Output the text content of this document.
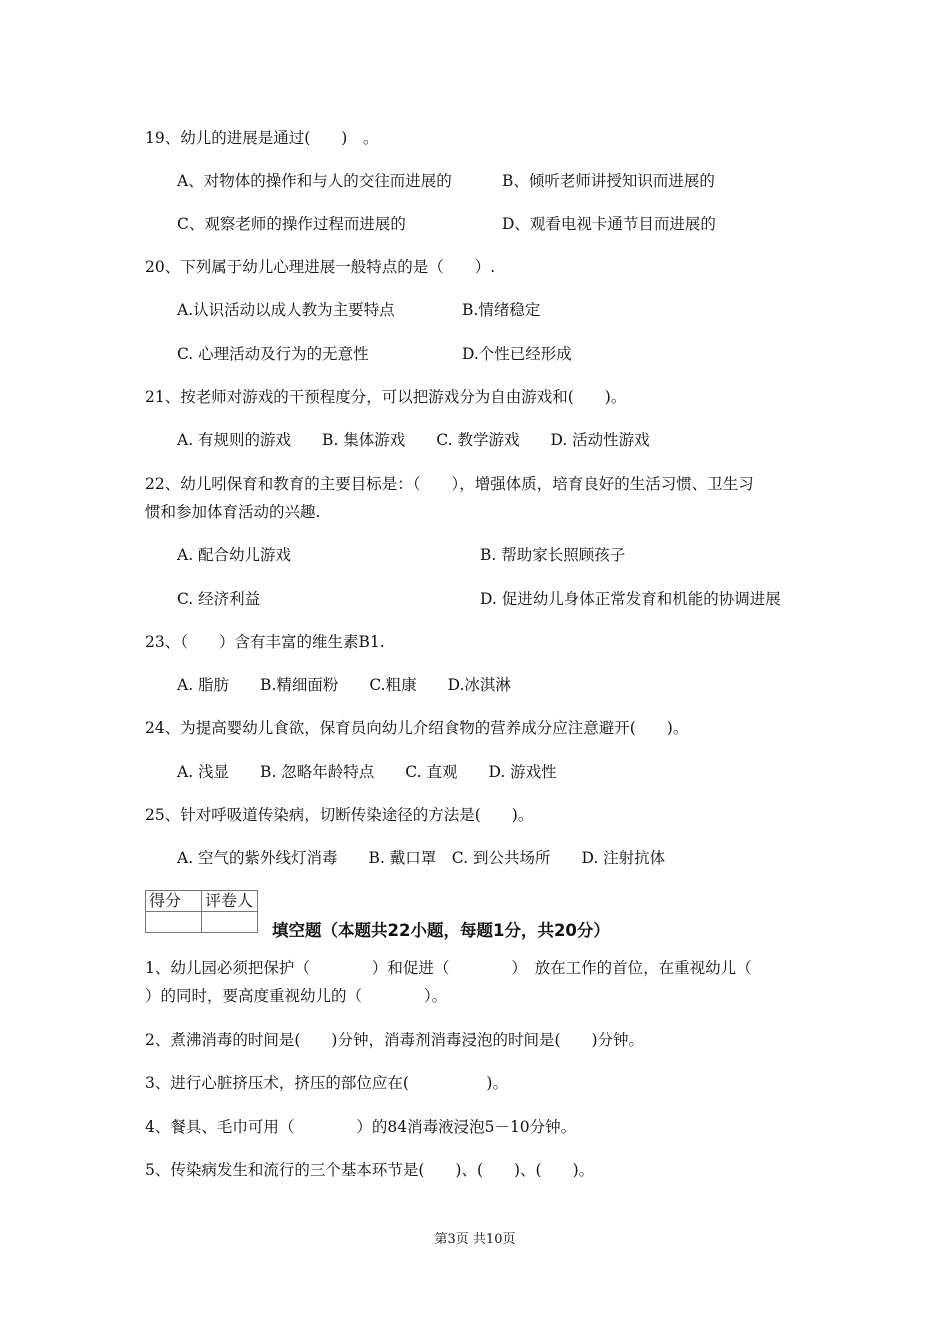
19、幼儿的进展是通过(　　)　。
A、对物体的操作和与人的交往而进展的	B、倾听老师讲授知识而进展的
C、观察老师的操作过程而进展的	D、观看电视卡通节目而进展的
20、下列属于幼儿心理进展一般特点的是（　　）.
A.认识活动以成人教为主要特点	B.情绪稳定
C. 心理活动及行为的无意性	D.个性已经形成
21、按老师对游戏的干预程度分，可以把游戏分为自由游戏和(　　)。
A. 有规则的游戏　　B. 集体游戏　　C. 教学游戏　　D. 活动性游戏
22、幼儿吲保育和教育的主要目标是：（　　），增强体质，培育良好的生活习惯、卫生习
惯和参加体育活动的兴趣.
A. 配合幼儿游戏	B. 帮助家长照顾孩子
C. 经济利益	D. 促进幼儿身体正常发育和机能的协调进展
23、（　　）含有丰富的维生素B1.
A. 脂肪　　B.精细面粉　　C.粗康　　D.冰淇淋
24、为提高婴幼儿食欲，保育员向幼儿介绍食物的营养成分应注意避开(　　)。
A. 浅显　　B. 忽略年龄特点　　C. 直观　　D. 游戏性
25、针对呼吸道传染病，切断传染途径的方法是(　　)。
A. 空气的紫外线灯消毒　　B. 戴口罩　C. 到公共场所　　D. 注射抗体
得分	评卷人

填空题（本题共22小题，每题1分，共20分）
1、幼儿园必须把保护（　　　　）和促进（　　　　）　放在工作的首位，在重视幼儿（
）的同时，要高度重视幼儿的（　　　　）。
2、煮沸消毒的时间是(　　)分钟，消毒剂消毒浸泡的时间是(　　)分钟。
3、进行心脏挤压术，挤压的部位应在(　　　　　)。
4、餐具、毛巾可用（　　　　）的84消毒液浸泡5－10分钟。
5、传染病发生和流行的三个基本环节是(　　)、(　　)、(　　)。
第3页 共10页
